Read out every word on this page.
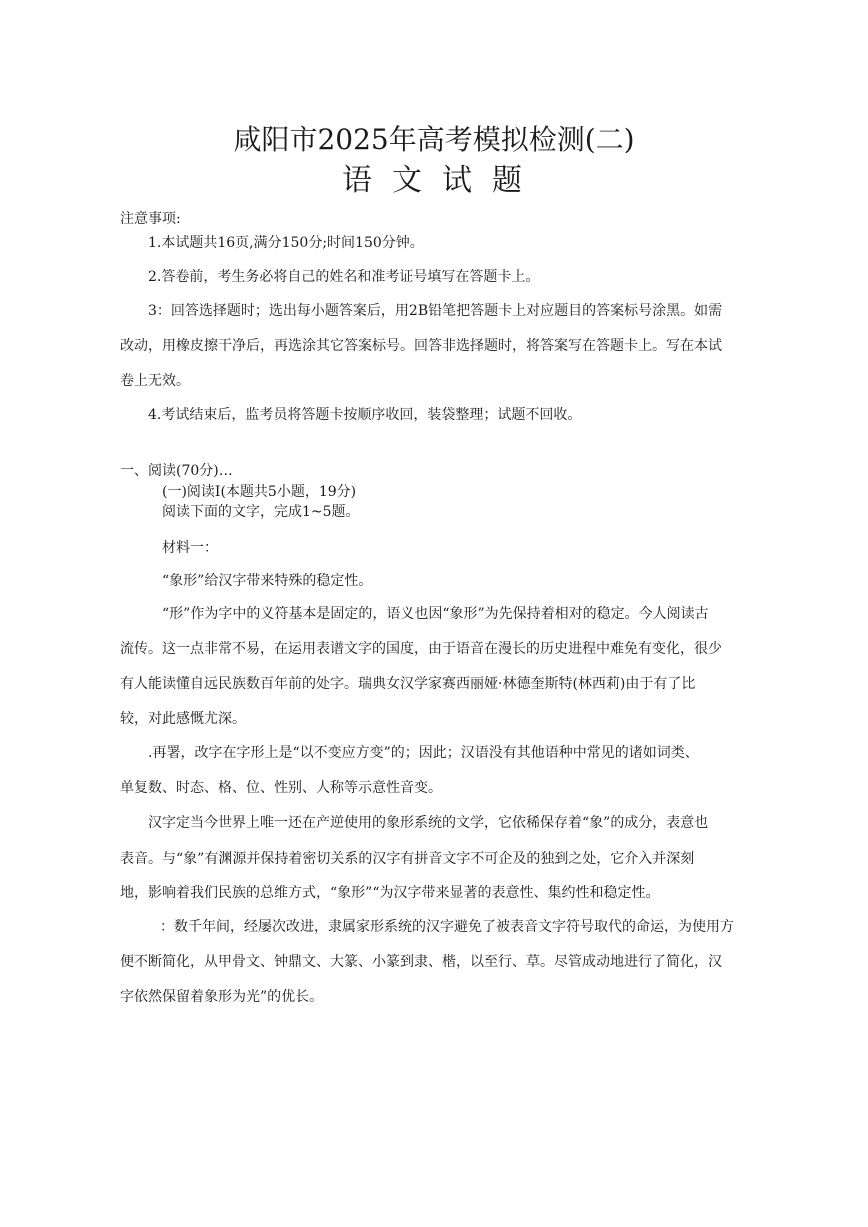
咸阳市2025年高考模拟检测(二)
语文试题
注意事项:
1.本试题共16页,满分150分;时间150分钟。
2.答卷前，考生务必将自己的姓名和准考证号填写在答题卡上。
3：回答选择题时；选出每小题答案后，用2B铅笔把答题卡上对应题目的答案标号涂黑。如需
改动，用橡皮擦干净后，再选涂其它答案标号。回答非选择题时，将答案写在答题卡上。写在本试
卷上无效。
4.考试结束后，监考员将答题卡按顺序收回，装袋整理；试题不回收。
一、阅读(70分)…
(一)阅读Ⅰ(本题共5小题，19分)
阅读下面的文字，完成1~5题。
材料一：
“象形”给汉字带来特殊的稳定性。
“形”作为字中的义符基本是固定的，语义也因“象形”为先保持着相对的稳定。今人阅读古
流传。这一点非常不易，在运用表谱文字的国度，由于语音在漫长的历史进程中难免有变化，很少
有人能读懂自远民族数百年前的处字。瑞典女汉学家赛西丽娅·林德奎斯特(林西莉)由于有了比
较，对此感慨尤深。
.再署，改字在字形上是“以不变应方变”的；因此；汉语没有其他语种中常见的诸如词类、
单复数、时态、格、位、性别、人称等示意性音变。
汉字定当今世界上唯一还在产逆使用的象形系统的文学，它依稀保存着“象”的成分，表意也
表音。与“象”有渊源并保持着密切关系的汉字有拼音文字不可企及的独到之处，它介入并深刻
地，影响着我们民族的总维方式，“象形”“为汉字带来显著的表意性、集约性和稳定性。
：数千年间，经屡次改进，隶属家形系统的汉字避免了被表音文字符号取代的命运，为使用方
便不断简化，从甲骨文、钟鼎文、大篆、小篆到隶、楷，以至行、草。尽管成动地进行了简化，汉
字依然保留着象形为光”的优长。
